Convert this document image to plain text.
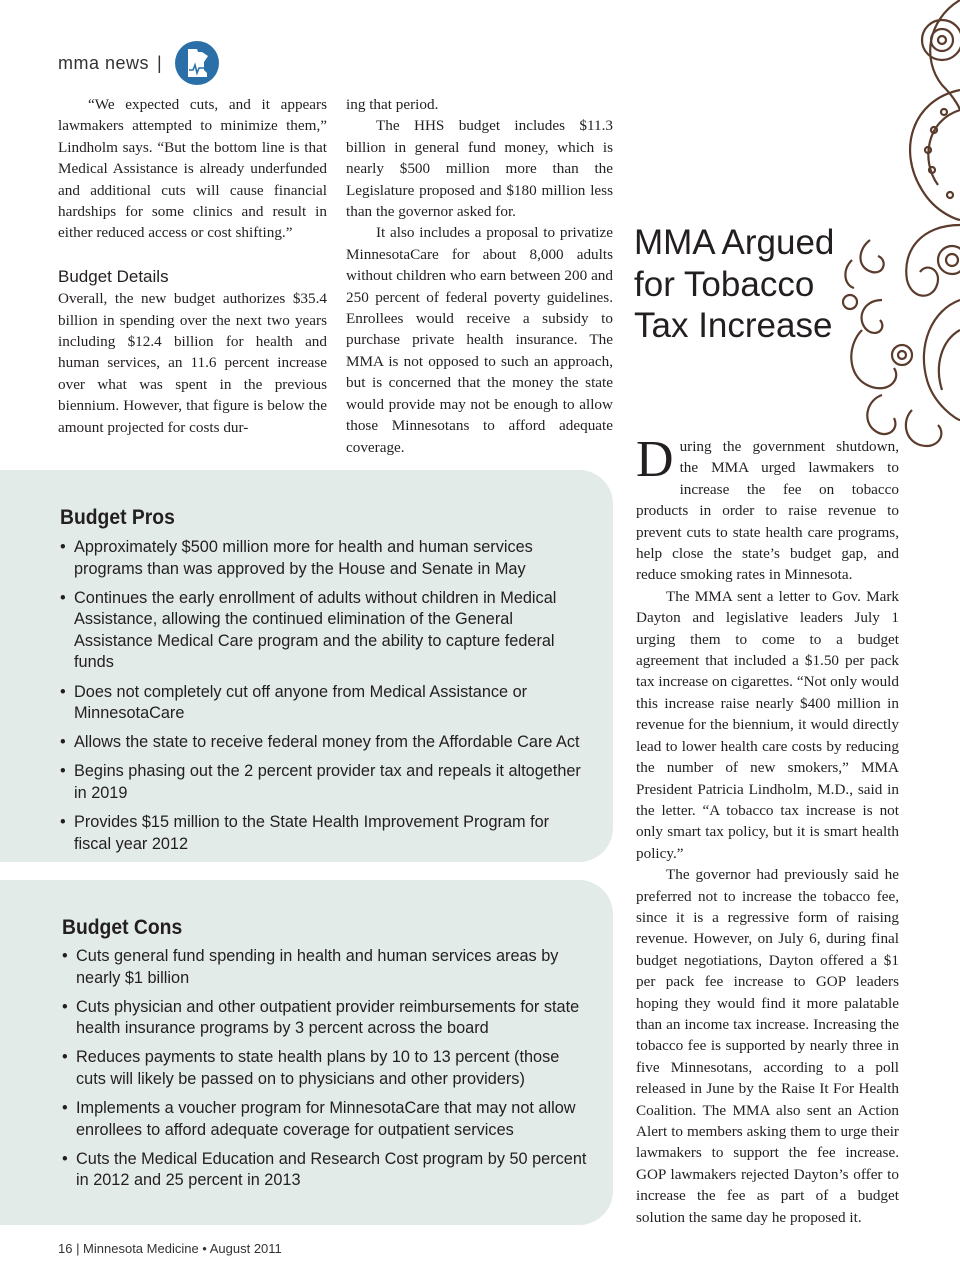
mma news |

“We expected cuts, and it appears lawmakers attempted to minimize them,” Lindholm says. “But the bottom line is that Medical Assistance is already underfunded and additional cuts will cause financial hardships for some clinics and result in either reduced access or cost shifting.”

Budget Details

Overall, the new budget authorizes $35.4 billion in spending over the next two years including $12.4 billion for health and human services, an 11.6 percent increase over what was spent in the previous biennium. However, that figure is below the amount projected for costs dur-

ing that period.

The HHS budget includes $11.3 billion in general fund money, which is nearly $500 million more than the Legislature proposed and $180 million less than the governor asked for.

It also includes a proposal to privatize MinnesotaCare for about 8,000 adults without children who earn between 200 and 250 percent of federal poverty guidelines. Enrollees would receive a subsidy to purchase private health insurance. The MMA is not opposed to such an approach, but is concerned that the money the state would provide may not be enough to allow those Minnesotans to afford adequate coverage.

MMA Argued for Tobacco Tax Increase

During the government shutdown, the MMA urged lawmakers to increase the fee on tobacco products in order to raise revenue to prevent cuts to state health care programs, help close the state’s budget gap, and reduce smoking rates in Minnesota.

The MMA sent a letter to Gov. Mark Dayton and legislative leaders July 1 urging them to come to a budget agreement that included a $1.50 per pack tax increase on cigarettes. “Not only would this increase raise nearly $400 million in revenue for the biennium, it would directly lead to lower health care costs by reducing the number of new smokers,” MMA President Patricia Lindholm, M.D., said in the letter. “A tobacco tax increase is not only smart tax policy, but it is smart health policy.”

The governor had previously said he preferred not to increase the tobacco fee, since it is a regressive form of raising revenue. However, on July 6, during final budget negotiations, Dayton offered a $1 per pack fee increase to GOP leaders hoping they would find it more palatable than an income tax increase. Increasing the tobacco fee is supported by nearly three in five Minnesotans, according to a poll released in June by the Raise It For Health Coalition. The MMA also sent an Action Alert to members asking them to urge their lawmakers to support the fee increase. GOP lawmakers rejected Dayton’s offer to increase the fee as part of a budget solution the same day he proposed it.

Budget Pros
• Approximately $500 million more for health and human services programs than was approved by the House and Senate in May
• Continues the early enrollment of adults without children in Medical Assistance, allowing the continued elimination of the General Assistance Medical Care program and the ability to capture federal funds
• Does not completely cut off anyone from Medical Assistance or MinnesotaCare
• Allows the state to receive federal money from the Affordable Care Act
• Begins phasing out the 2 percent provider tax and repeals it altogether in 2019
• Provides $15 million to the State Health Improvement Program for fiscal year 2012
Budget Cons
• Cuts general fund spending in health and human services areas by nearly $1 billion
• Cuts physician and other outpatient provider reimbursements for state health insurance programs by 3 percent across the board
• Reduces payments to state health plans by 10 to 13 percent (those cuts will likely be passed on to physicians and other providers)
• Implements a voucher program for MinnesotaCare that may not allow enrollees to afford adequate coverage for outpatient services
• Cuts the Medical Education and Research Cost program by 50 percent in 2012 and 25 percent in 2013
16 | Minnesota Medicine • August 2011
